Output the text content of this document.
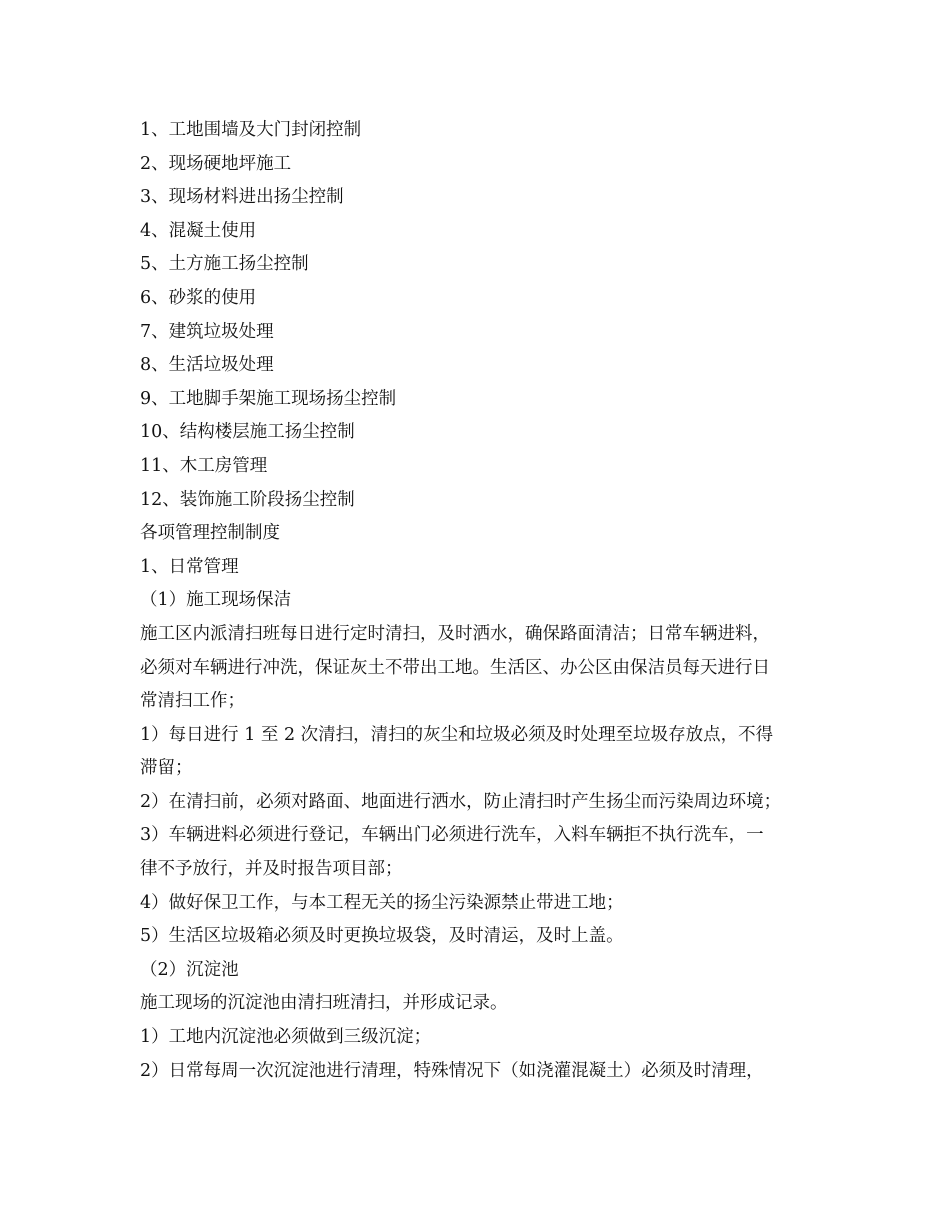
1、工地围墙及大门封闭控制

2、现场硬地坪施工

3、现场材料进出扬尘控制

4、混凝土使用

5、土方施工扬尘控制

6、砂浆的使用

7、建筑垃圾处理

8、生活垃圾处理

9、工地脚手架施工现场扬尘控制

10、结构楼层施工扬尘控制

11、木工房管理

12、装饰施工阶段扬尘控制

各项管理控制制度

1、日常管理

（1）施工现场保洁

施工区内派清扫班每日进行定时清扫，及时洒水，确保路面清洁；日常车辆进料，

必须对车辆进行冲洗，保证灰土不带出工地。生活区、办公区由保洁员每天进行日

常清扫工作；

1）每日进行 1 至 2 次清扫，清扫的灰尘和垃圾必须及时处理至垃圾存放点，不得

滞留；

2）在清扫前，必须对路面、地面进行洒水，防止清扫时产生扬尘而污染周边环境；

3）车辆进料必须进行登记，车辆出门必须进行洗车，入料车辆拒不执行洗车，一

律不予放行，并及时报告项目部；

4）做好保卫工作，与本工程无关的扬尘污染源禁止带进工地；

5）生活区垃圾箱必须及时更换垃圾袋，及时清运，及时上盖。

（2）沉淀池

施工现场的沉淀池由清扫班清扫，并形成记录。

1）工地内沉淀池必须做到三级沉淀；

2）日常每周一次沉淀池进行清理，特殊情况下（如浇灌混凝土）必须及时清理，
